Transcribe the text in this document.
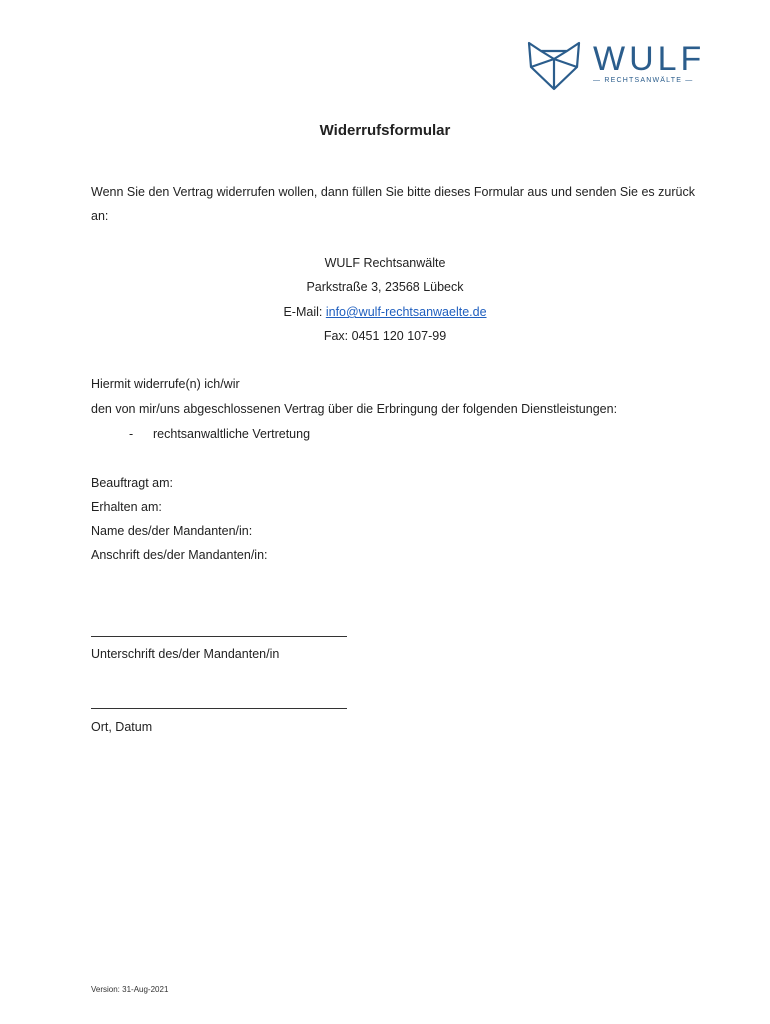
WULF
— RECHTSANWÄLTE —
Widerrufsformular
Wenn Sie den Vertrag widerrufen wollen, dann füllen Sie bitte dieses Formular aus und senden Sie es zurück an:
WULF Rechtsanwälte
Parkstraße 3, 23568 Lübeck
E-Mail: info@wulf-rechtsanwaelte.de
Fax: 0451 120 107-99
Hiermit widerrufe(n) ich/wir
den von mir/uns abgeschlossenen Vertrag über die Erbringung der folgenden Dienstleistungen:
- rechtsanwaltliche Vertretung
Beauftragt am:
Erhalten am:
Name des/der Mandanten/in:
Anschrift des/der Mandanten/in:
Unterschrift des/der Mandanten/in
Ort, Datum
Version: 31-Aug-2021
